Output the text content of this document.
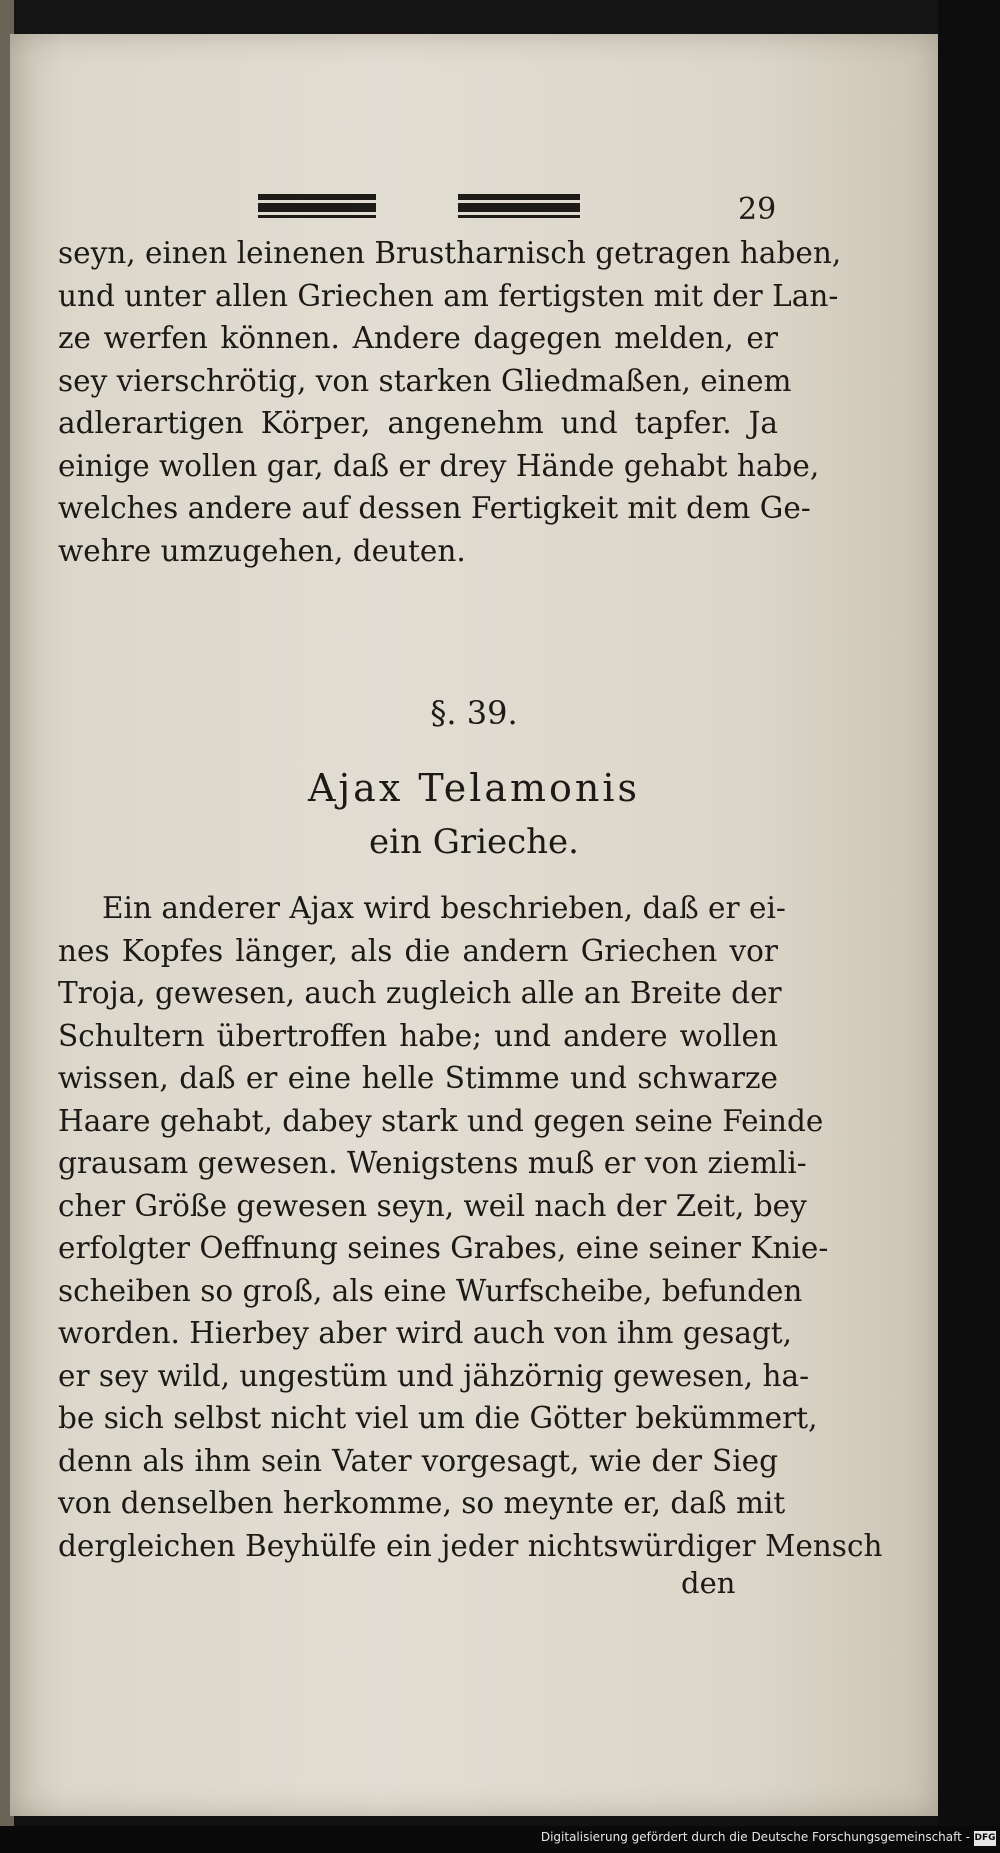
29
seyn, einen leinenen Brustharnisch getragen haben,
und unter allen Griechen am fertigsten mit der Lan-
ze werfen können. Andere dagegen melden, er
sey vierschrötig, von starken Gliedmaßen, einem
adlerartigen Körper, angenehm und tapfer. Ja
einige wollen gar, daß er drey Hände gehabt habe,
welches andere auf dessen Fertigkeit mit dem Ge-
wehre umzugehen, deuten.
§. 39.
Ajax Telamonis
ein Grieche.
Ein anderer Ajax wird beschrieben, daß er ei-
nes Kopfes länger, als die andern Griechen vor
Troja, gewesen, auch zugleich alle an Breite der
Schultern übertroffen habe; und andere wollen
wissen, daß er eine helle Stimme und schwarze
Haare gehabt, dabey stark und gegen seine Feinde
grausam gewesen. Wenigstens muß er von ziemli-
cher Größe gewesen seyn, weil nach der Zeit, bey
erfolgter Oeffnung seines Grabes, eine seiner Knie-
scheiben so groß, als eine Wurfscheibe, befunden
worden. Hierbey aber wird auch von ihm gesagt,
er sey wild, ungestüm und jähzörnig gewesen, ha-
be sich selbst nicht viel um die Götter bekümmert,
denn als ihm sein Vater vorgesagt, wie der Sieg
von denselben herkomme, so meynte er, daß mit
dergleichen Beyhülfe ein jeder nichtswürdiger Mensch
den
Digitalisierung gefördert durch die Deutsche Forschungsgemeinschaft - DFG
